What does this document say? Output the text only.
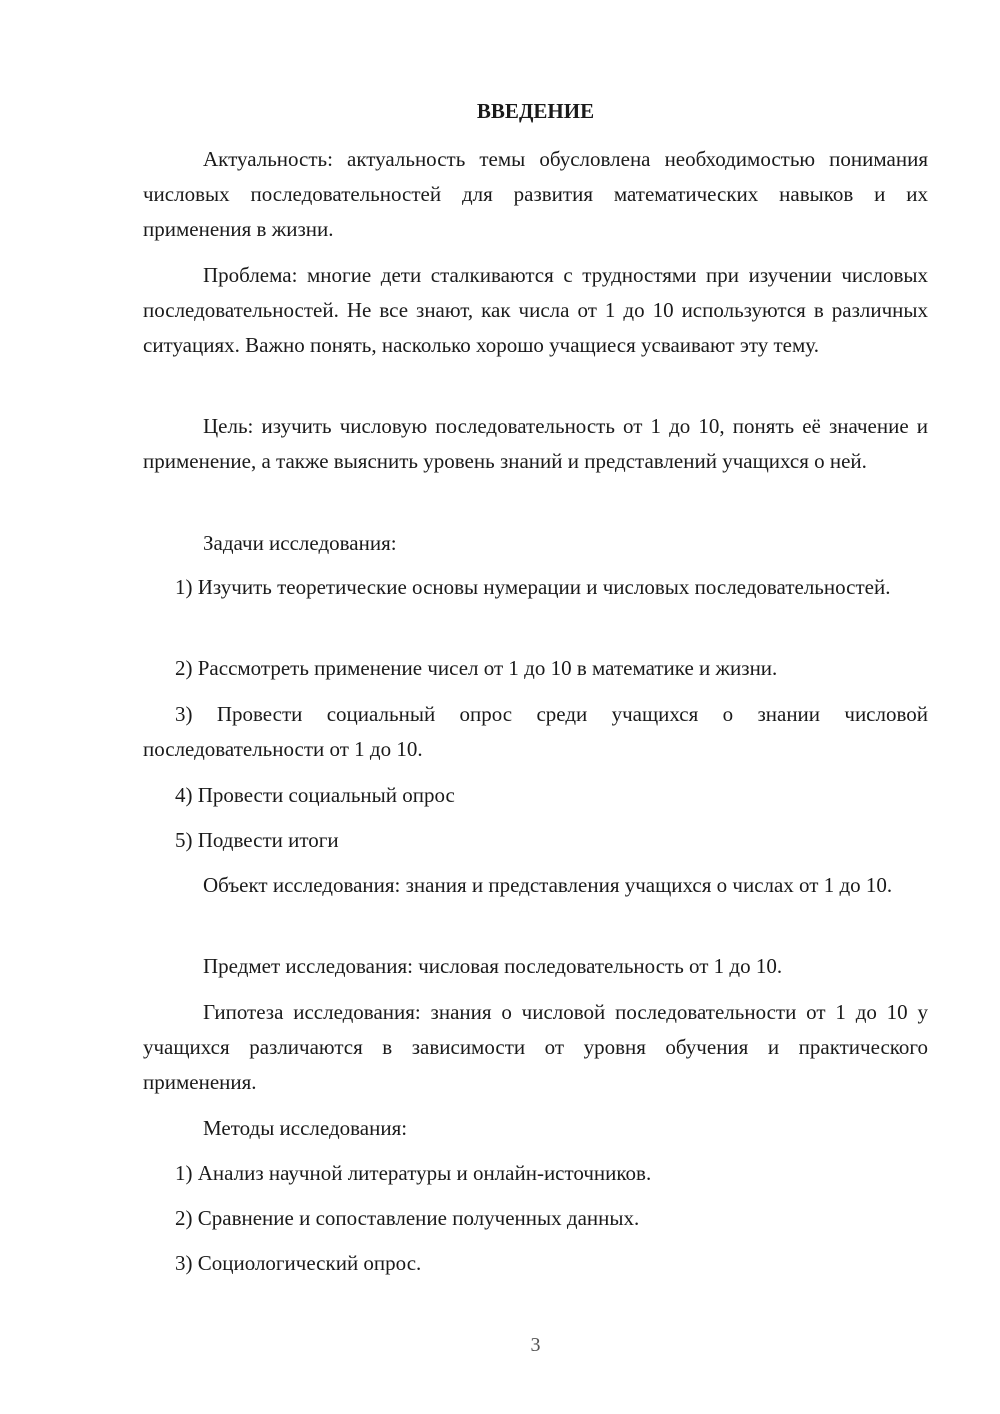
ВВЕДЕНИЕ
Актуальность: актуальность темы обусловлена необходимостью понимания числовых последовательностей для развития математических навыков и их применения в жизни.
Проблема: многие дети сталкиваются с трудностями при изучении числовых последовательностей. Не все знают, как числа от 1 до 10 используются в различных ситуациях. Важно понять, насколько хорошо учащиеся усваивают эту тему.
Цель: изучить числовую последовательность от 1 до 10, понять её значение и применение, а также выяснить уровень знаний и представлений учащихся о ней.
Задачи исследования:
1) Изучить теоретические основы нумерации и числовых последовательностей.
2) Рассмотреть применение чисел от 1 до 10 в математике и жизни.
3) Провести социальный опрос среди учащихся о знании числовой последовательности от 1 до 10.
4) Провести социальный опрос
5) Подвести итоги
Объект исследования: знания и представления учащихся о числах от 1 до 10.
Предмет исследования: числовая последовательность от 1 до 10.
Гипотеза исследования: знания о числовой последовательности от 1 до 10 у учащихся различаются в зависимости от уровня обучения и практического применения.
Методы исследования:
1) Анализ научной литературы и онлайн-источников.
2) Сравнение и сопоставление полученных данных.
3) Социологический опрос.
3
